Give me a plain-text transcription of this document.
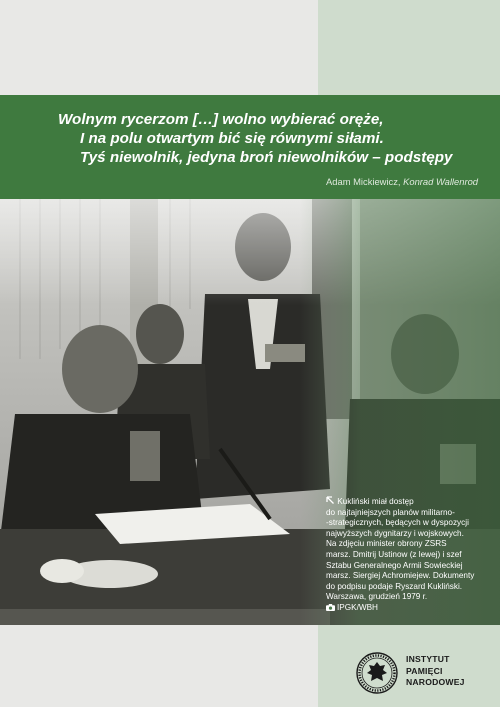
Wolnym rycerzom […] wolno wybierać oręże,
I na polu otwartym bić się równymi siłami.
Tyś niewolnik, jedyna broń niewolników – podstępy
Adam Mickiewicz, Konrad Wallenrod

Kukliński miał dostęp

do najtajniejszych planów militarno-

-strategicznych, będących w dyspozycji

najwyższych dygnitarzy i wojskowych.

Na zdjęciu minister obrony ZSRS

marsz. Dmitrij Ustinow (z lewej) i szef

Sztabu Generalnego Armii Sowieckiej

marsz. Siergiej Achromiejew. Dokumenty

do podpisu podaje Ryszard Kukliński.

Warszawa, grudzień 1979 r.

IPGK/WBH

INSTYTUT
PAMIĘCI
NARODOWEJ
